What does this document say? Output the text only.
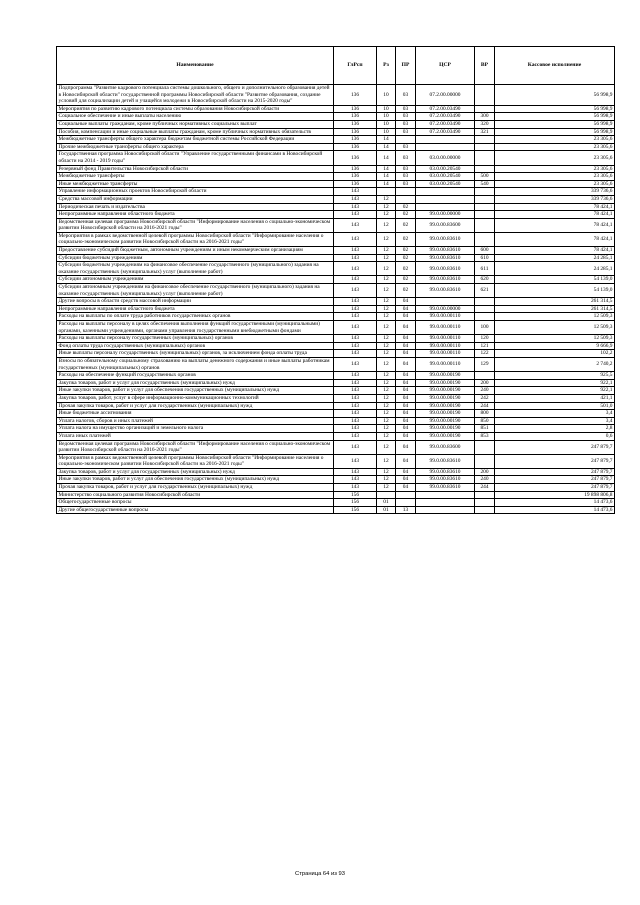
Наименование	ГлРсп	Рз	ПР	ЦСР	ВР	Кассовое исполнение
Подпрограмма "Развитие кадрового потенциала системы дошкольного, общего и дополнительного образования детей в Новосибирской области" государственной программы Новосибирской области "Развитие образования, создание условий для социализации детей и учащейся молодежи в Новосибирской области на 2015-2020 годы"	136	10	03	07.2.00.00000		56 998,9
Мероприятия по развитию кадрового потенциала системы образования Новосибирской области	136	10	03	07.2.00.03490		56 998,9
Социальное обеспечение и иные выплаты населению	136	10	03	07.2.00.03490	300	56 998,9
Социальные выплаты гражданам, кроме публичных нормативных социальных выплат	136	10	03	07.2.00.03490	320	56 998,9
Пособия, компенсации и иные социальные выплаты гражданам, кроме публичных нормативных обязательств	136	10	03	07.2.00.03490	321	56 998,9
Межбюджетные трансферты общего характера бюджетам бюджетной системы Российской Федерации	136	14				23 305,6
Прочие межбюджетные трансферты общего характера	136	14	03			23 305,6
Государственная программа Новосибирской области "Управление государственными финансами в Новосибирской области на 2014 - 2019 годы"	136	14	03	03.0.00.00000		23 305,6
Резервный фонд Правительства Новосибирской области	136	14	03	03.0.00.20540		23 305,6
Межбюджетные трансферты	136	14	03	03.0.00.20540	500	23 305,6
Иные межбюджетные трансферты	136	14	03	03.0.00.20540	540	23 305,6
Управление информационных проектов Новосибирской области	143					339 736,6
Средства массовой информации	143	12				339 736,6
Периодическая печать и издательства	143	12	02			78 424,1
Непрограммные направления областного бюджета	143	12	02	99.0.00.00000		78 424,1
Ведомственная целевая программа Новосибирской области "Информирование населения о социально-экономическом развитии Новосибирской области на 2016-2021 годы"	143	12	02	99.0.00.83600		78 424,1
Мероприятия в рамках ведомственной целевой программы Новосибирской области "Информирование населения о социально-экономическом развитии Новосибирской области на 2016-2021 годы"	143	12	02	99.0.00.83610		78 424,1
Предоставление субсидий бюджетным, автономным учреждениям и иным некоммерческим организациям	143	12	02	99.0.00.83610	600	78 424,1
Субсидии бюджетным учреждениям	143	12	02	99.0.00.83610	610	24 285,1
Субсидии бюджетным учреждениям на финансовое обеспечение государственного (муниципального) задания на оказание государственных (муниципальных) услуг (выполнение работ)	143	12	02	99.0.00.83610	611	24 285,1
Субсидии автономным учреждениям	143	12	02	99.0.00.83610	620	54 139,0
Субсидии автономным учреждениям на финансовое обеспечение государственного (муниципального) задания на оказание государственных (муниципальных) услуг (выполнение работ)	143	12	02	99.0.00.83610	621	54 139,0
Другие вопросы в области средств массовой информации	143	12	04			261 314,5
Непрограммные направления областного бюджета	143	12	04	99.0.00.00000		261 314,5
Расходы на выплаты по оплате труда работников государственных органов	143	12	04	99.0.00.00110		12 509,3
Расходы на выплаты персоналу в целях обеспечения выполнения функций государственными (муниципальными) органами, казенными учреждениями, органами управления государственными внебюджетными фондами	143	12	04	99.0.00.00110	100	12 509,3
Расходы на выплаты персоналу государственных (муниципальных) органов	143	12	04	99.0.00.00110	120	12 509,3
Фонд оплаты труда государственных (муниципальных) органов	143	12	04	99.0.00.00110	121	9 666,9
Иные выплаты персоналу государственных (муниципальных) органов, за исключением фонда оплаты труда	143	12	04	99.0.00.00110	122	102,2
Взносы по обязательному социальному страхованию на выплаты денежного содержания и иные выплаты работникам государственных (муниципальных) органов	143	12	04	99.0.00.00110	129	2 740,2
Расходы на обеспечение функций государственных органов	143	12	04	99.0.00.00190		925,5
Закупка товаров, работ и услуг для государственных (муниципальных) нужд	143	12	04	99.0.00.00190	200	922,1
Иные закупки товаров, работ и услуг для обеспечения государственных (муниципальных) нужд	143	12	04	99.0.00.00190	240	922,1
Закупка товаров, работ, услуг в сфере информационно-коммуникационных технологий	143	12	04	99.0.00.00190	242	421,1
Прочая закупка товаров, работ и услуг для государственных (муниципальных) нужд	143	12	04	99.0.00.00190	244	501,0
Иные бюджетные ассигнования	143	12	04	99.0.00.00190	800	3,4
Уплата налогов, сборов и иных платежей	143	12	04	99.0.00.00190	850	3,4
Уплата налога на имущество организаций и земельного налога	143	12	04	99.0.00.00190	851	2,8
Уплата иных платежей	143	12	04	99.0.00.00190	853	0,6
Ведомственная целевая программа Новосибирской области "Информирование населения о социально-экономическом развитии Новосибирской области на 2016-2021 годы"	143	12	04	99.0.00.83600		247 879,7
Мероприятия в рамках ведомственной целевой программы Новосибирской области "Информирование населения о социально-экономическом развитии Новосибирской области на 2016-2021 годы"	143	12	04	99.0.00.83610		247 879,7
Закупка товаров, работ и услуг для государственных (муниципальных) нужд	143	12	04	99.0.00.83610	200	247 879,7
Иные закупки товаров, работ и услуг для обеспечения государственных (муниципальных) нужд	143	12	04	99.0.00.83610	240	247 879,7
Прочая закупка товаров, работ и услуг для государственных (муниципальных) нужд	143	12	04	99.0.00.83610	244	247 879,7
Министерство социального развития Новосибирской области	156					19 898 806,8
Общегосударственные вопросы	156	01				14 473,6
Другие общегосударственные вопросы	156	01	13			14 473,6
Страница 64 из 93
